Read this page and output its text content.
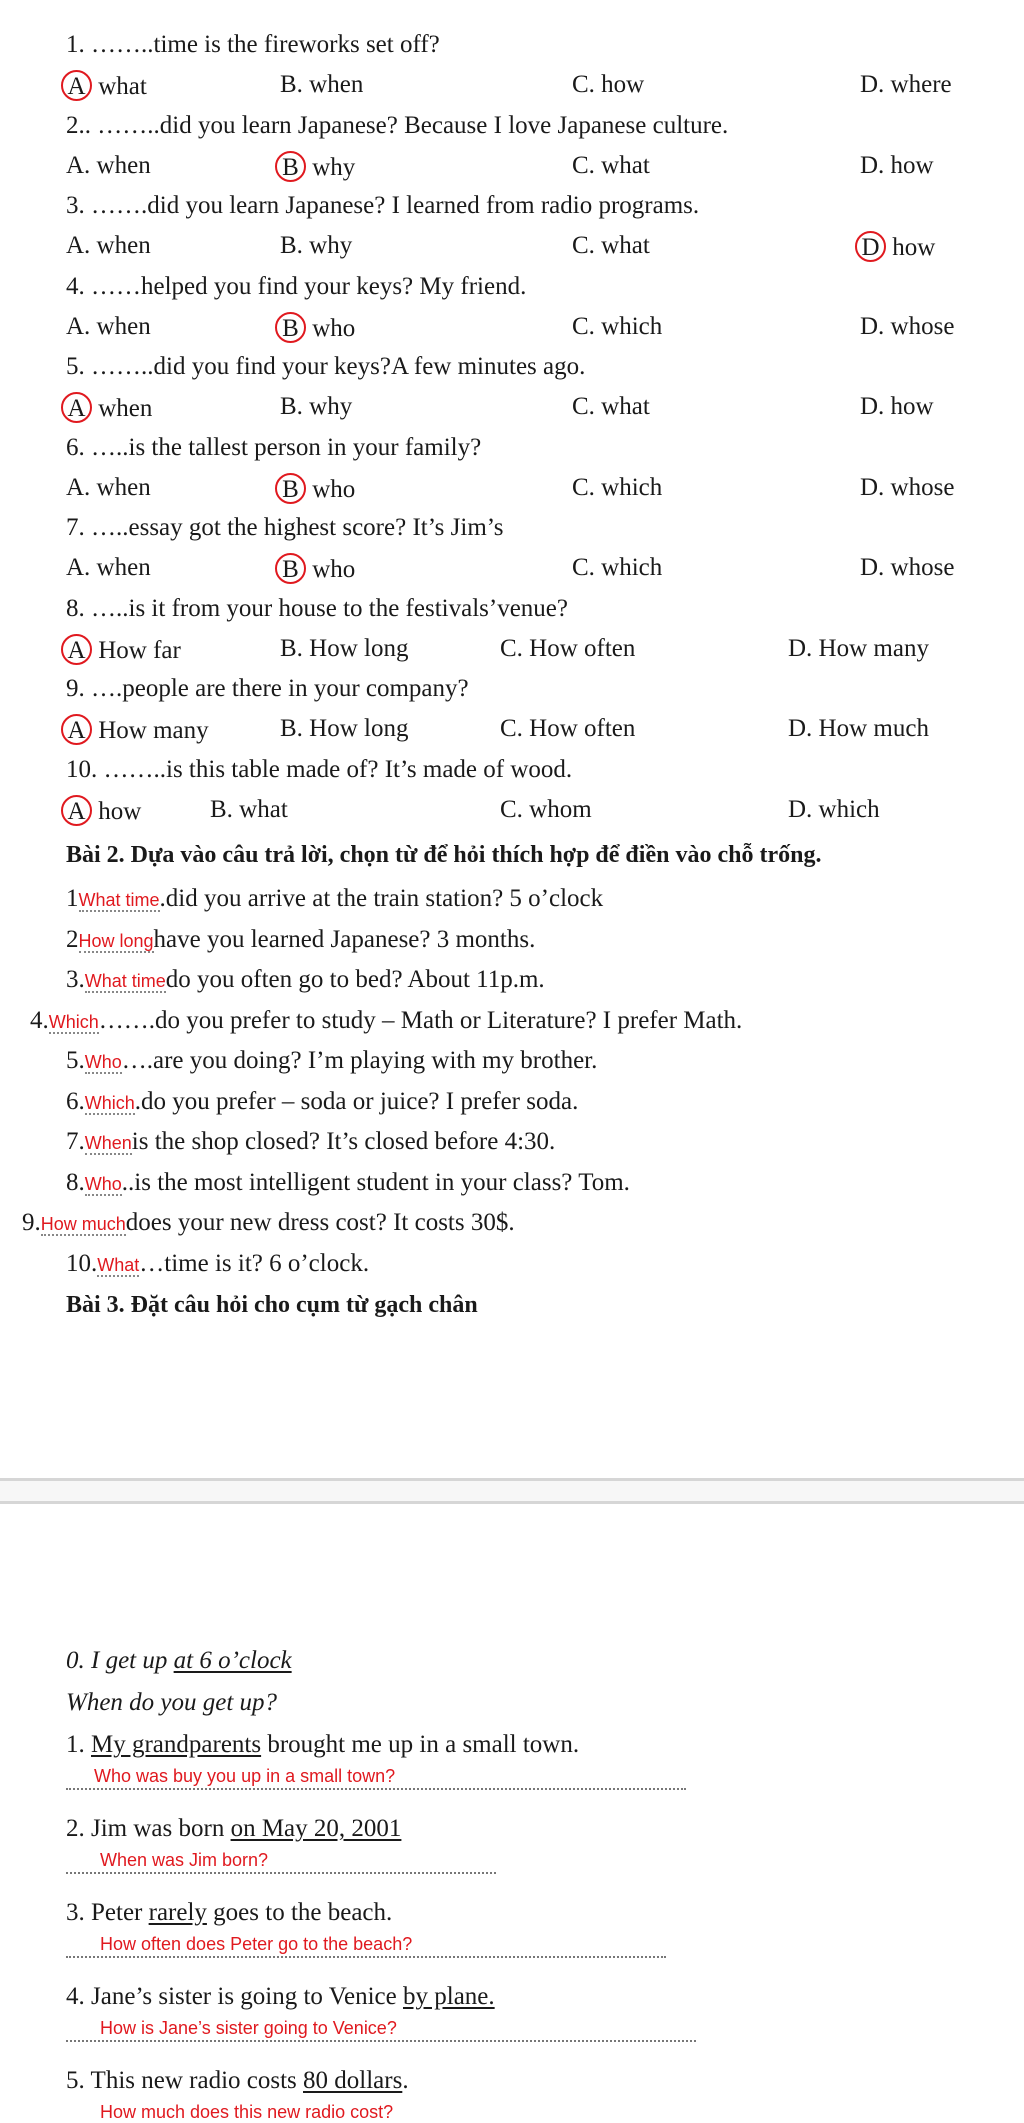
1. ……..time is the fireworks set off?
A what	B. when	C. how	D. where
2.. ……..did you learn Japanese? Because I love Japanese culture.
A. when	B why	C. what	D. how
3. …….did you learn Japanese? I learned from radio programs.
A. when	B. why	C. what	D how
4. ……helped you find your keys? My friend.
A. when	B who	C. which	D. whose
5. ……..did you find your keys?A few minutes ago.
A when	B. why	C. what	D. how
6. …..is the tallest person in your family?
A. when	B who	C. which	D. whose
7. …..essay got the highest score? It’s Jim’s
A. when	B who	C. which	D. whose
8. …..is it from your house to the festivals’venue?
A How far	B. How long	C. How often	D. How many
9. ….people are there in your company?
A How many	B. How long	C. How often	D. How much
10. ……..is this table made of? It’s made of wood.
A how	B. what	C. whom	D. which
Bài 2. Dựa vào câu trả lời, chọn từ để hỏi thích hợp để điền vào chỗ trống.
1What time.did you arrive at the train station? 5 o’clock
2How longhave you learned Japanese? 3 months.
3.What timedo you often go to bed? About 11p.m.
4.Which…….do you prefer to study – Math or Literature? I prefer Math.
5.Who….are you doing? I’m playing with my brother.
6.Which.do you prefer – soda or juice? I prefer soda.
7.Whenis the shop closed? It’s closed before 4:30.
8.Who..is the most intelligent student in your class? Tom.
9.How muchdoes your new dress cost? It costs 30$.
10.What…time is it? 6 o’clock.
Bài 3. Đặt câu hỏi cho cụm từ gạch chân
0. I get up at 6 o’clock
When do you get up?
1. My grandparents brought me up in a small town.
Who was buy you up in a small town?
2. Jim was born on May 20, 2001
When was Jim born?
3. Peter rarely goes to the beach.
How often does Peter go to the beach?
4. Jane’s sister is going to Venice by plane.
How is Jane’s sister going to Venice?
5. This new radio costs 80 dollars.
How much does this new radio cost?
